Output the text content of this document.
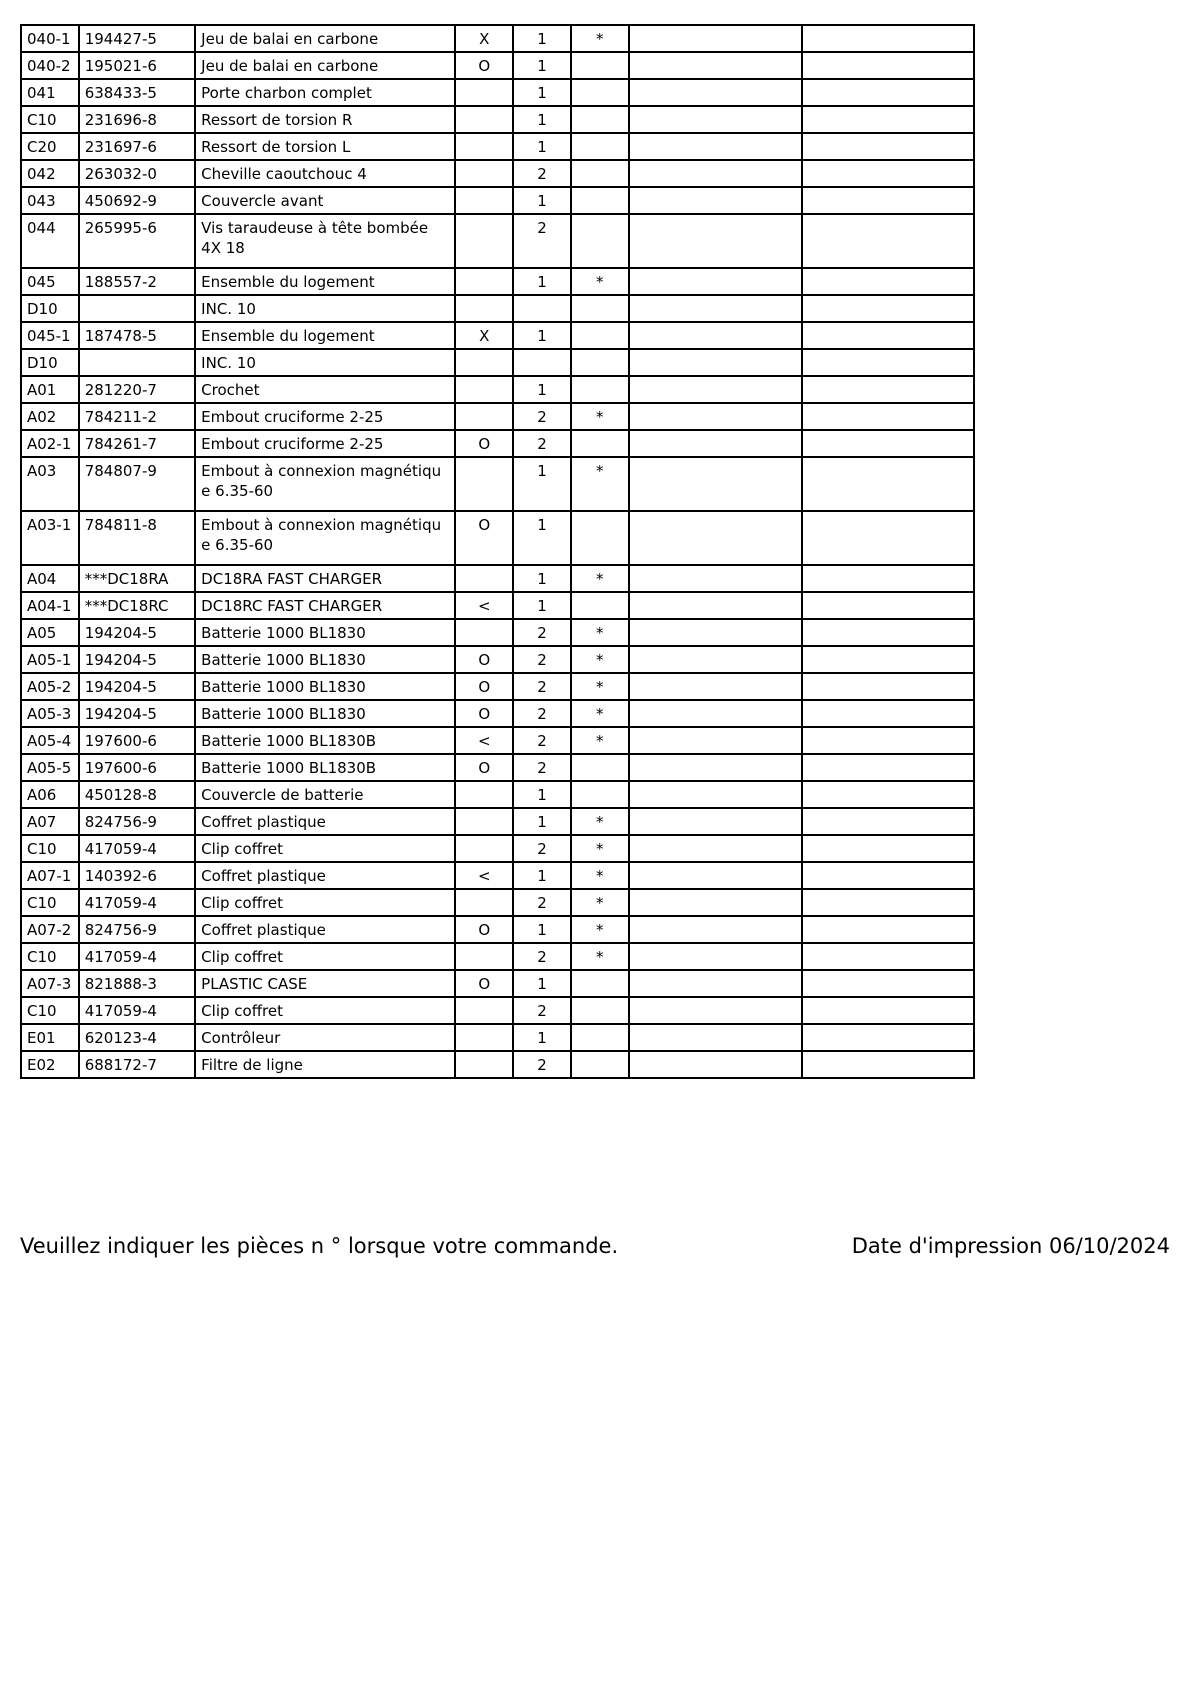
040-1	194427-5	Jeu de balai en carbone	X	1	*		
040-2	195021-6	Jeu de balai en carbone	O	1			
041	638433-5	Porte charbon complet		1			
C10	231696-8	Ressort de torsion R		1			
C20	231697-6	Ressort de torsion L		1			
042	263032-0	Cheville caoutchouc 4		2			
043	450692-9	Couvercle avant		1			
044	265995-6	Vis taraudeuse à tête bombée 4X 18		2			
045	188557-2	Ensemble du logement		1	*		
D10		INC. 10					
045-1	187478-5	Ensemble du logement	X	1			
D10		INC. 10					
A01	281220-7	Crochet		1			
A02	784211-2	Embout cruciforme 2-25		2	*		
A02-1	784261-7	Embout cruciforme 2-25	O	2			
A03	784807-9	Embout à connexion magnétiqu e 6.35-60		1	*		
A03-1	784811-8	Embout à connexion magnétiqu e 6.35-60	O	1			
A04	***DC18RA	DC18RA FAST CHARGER		1	*		
A04-1	***DC18RC	DC18RC FAST CHARGER	<	1			
A05	194204-5	Batterie 1000 BL1830		2	*		
A05-1	194204-5	Batterie 1000 BL1830	O	2	*		
A05-2	194204-5	Batterie 1000 BL1830	O	2	*		
A05-3	194204-5	Batterie 1000 BL1830	O	2	*		
A05-4	197600-6	Batterie 1000 BL1830B	<	2	*		
A05-5	197600-6	Batterie 1000 BL1830B	O	2			
A06	450128-8	Couvercle de batterie		1			
A07	824756-9	Coffret plastique		1	*		
C10	417059-4	Clip coffret		2	*		
A07-1	140392-6	Coffret plastique	<	1	*		
C10	417059-4	Clip coffret		2	*		
A07-2	824756-9	Coffret plastique	O	1	*		
C10	417059-4	Clip coffret		2	*		
A07-3	821888-3	PLASTIC CASE	O	1			
C10	417059-4	Clip coffret		2			
E01	620123-4	Contrôleur		1			
E02	688172-7	Filtre de ligne		2			
Veuillez indiquer les pièces n ° lorsque votre commande.	Date d'impression 06/10/2024
